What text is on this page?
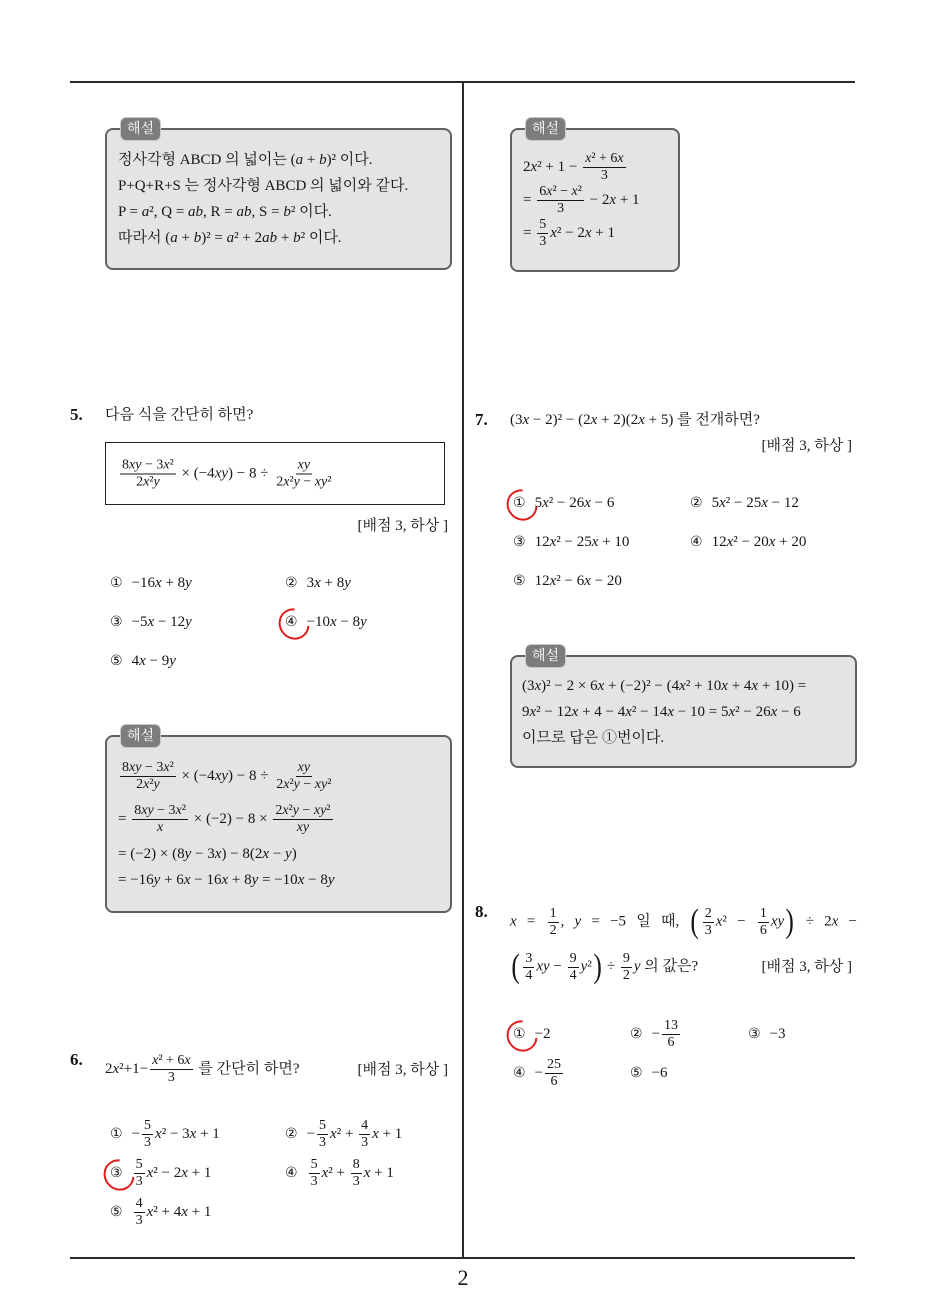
2
해설
정사각형 ABCD 의 넓이는 (a + b)² 이다.
P+Q+R+S 는 정사각형 ABCD 의 넓이와 같다.
P = a², Q = ab, R = ab, S = b² 이다.
따라서 (a + b)² = a² + 2ab + b² 이다.
5. 다음 식을 간단히 하면?
$\frac{\text{8xy − 3x²}}{\text{2x²y}} \times (-4xy) - 8 \div \frac{xy}{\text{2x²y − xy²}}$
[배점 3, 하상 ]
① −16x + 8y	② 3x + 8y
③ −5x − 12y	④ −10x − 8y
⑤ 4x − 9y
해설
$\frac{\text{8xy − 3x²}}{\text{2x²y}} \times (-4xy) - 8 \div \frac{xy}{\text{2x²y − xy²}}$
= $\frac{\text{8xy − 3x²}}{x} \times (-2) - 8 \times \frac{\text{2x²y − xy²}}{xy}$
= (−2) × (8y − 3x) − 8(2x − y)
= −16y + 6x − 16x + 8y = −10x − 8y
6. $2x^2+1- \frac{\text{x² + 6x}}{3}$ 를 간단히 하면?	[배점 3, 하상 ]
① − $\frac{5}{3} x^2 - 3x + 1$	② − $\frac{5}{3} x^2 + \frac{4}{3}$ x + 1
③ $\frac{5}{3} x^2 - 2x + 1$	④ $\frac{5}{3} x^2 + \frac{8}{3}$ x + 1
⑤ $\frac{4}{3} x^2 + 4x + 1$
해설
$2x^2 + 1 - \frac{\text{x² + 6x}}{3}$
= $\frac{\text{6x² − x²}}{3} - 2x + 1$
= $\frac{5}{3} x^2 - 2x + 1$
7. (3x − 2)² − (2x + 2)(2x + 5) 를 전개하면?
[배점 3, 하상 ]
① 5x² − 26x − 6	② 5x² − 25x − 12
③ 12x² − 25x + 10	④ 12x² − 20x + 20
⑤ 12x² − 6x − 20
해설
(3x)² − 2 × 6x + (−2)² − (4x² + 10x + 4x + 10) =
9x² − 12x + 4 − 4x² − 14x − 10 = 5x² − 26x − 6
이므로 답은 ①번이다.
8.
$x = \frac{1}{2}$ , y = −5 일 때, ( $\frac{2}{3} x^2 - \frac{1}{6} xy) \div 2x$ −
( $\frac{3}{4}$ xy − $\frac{9}{4} y^2) \div \frac{9}{2}$ y 의 값은?	[배점 3, 하상 ]
① −2	② − $\frac{13}{6}$	③ −3
④ − $\frac{25}{6}$	⑤ −6
